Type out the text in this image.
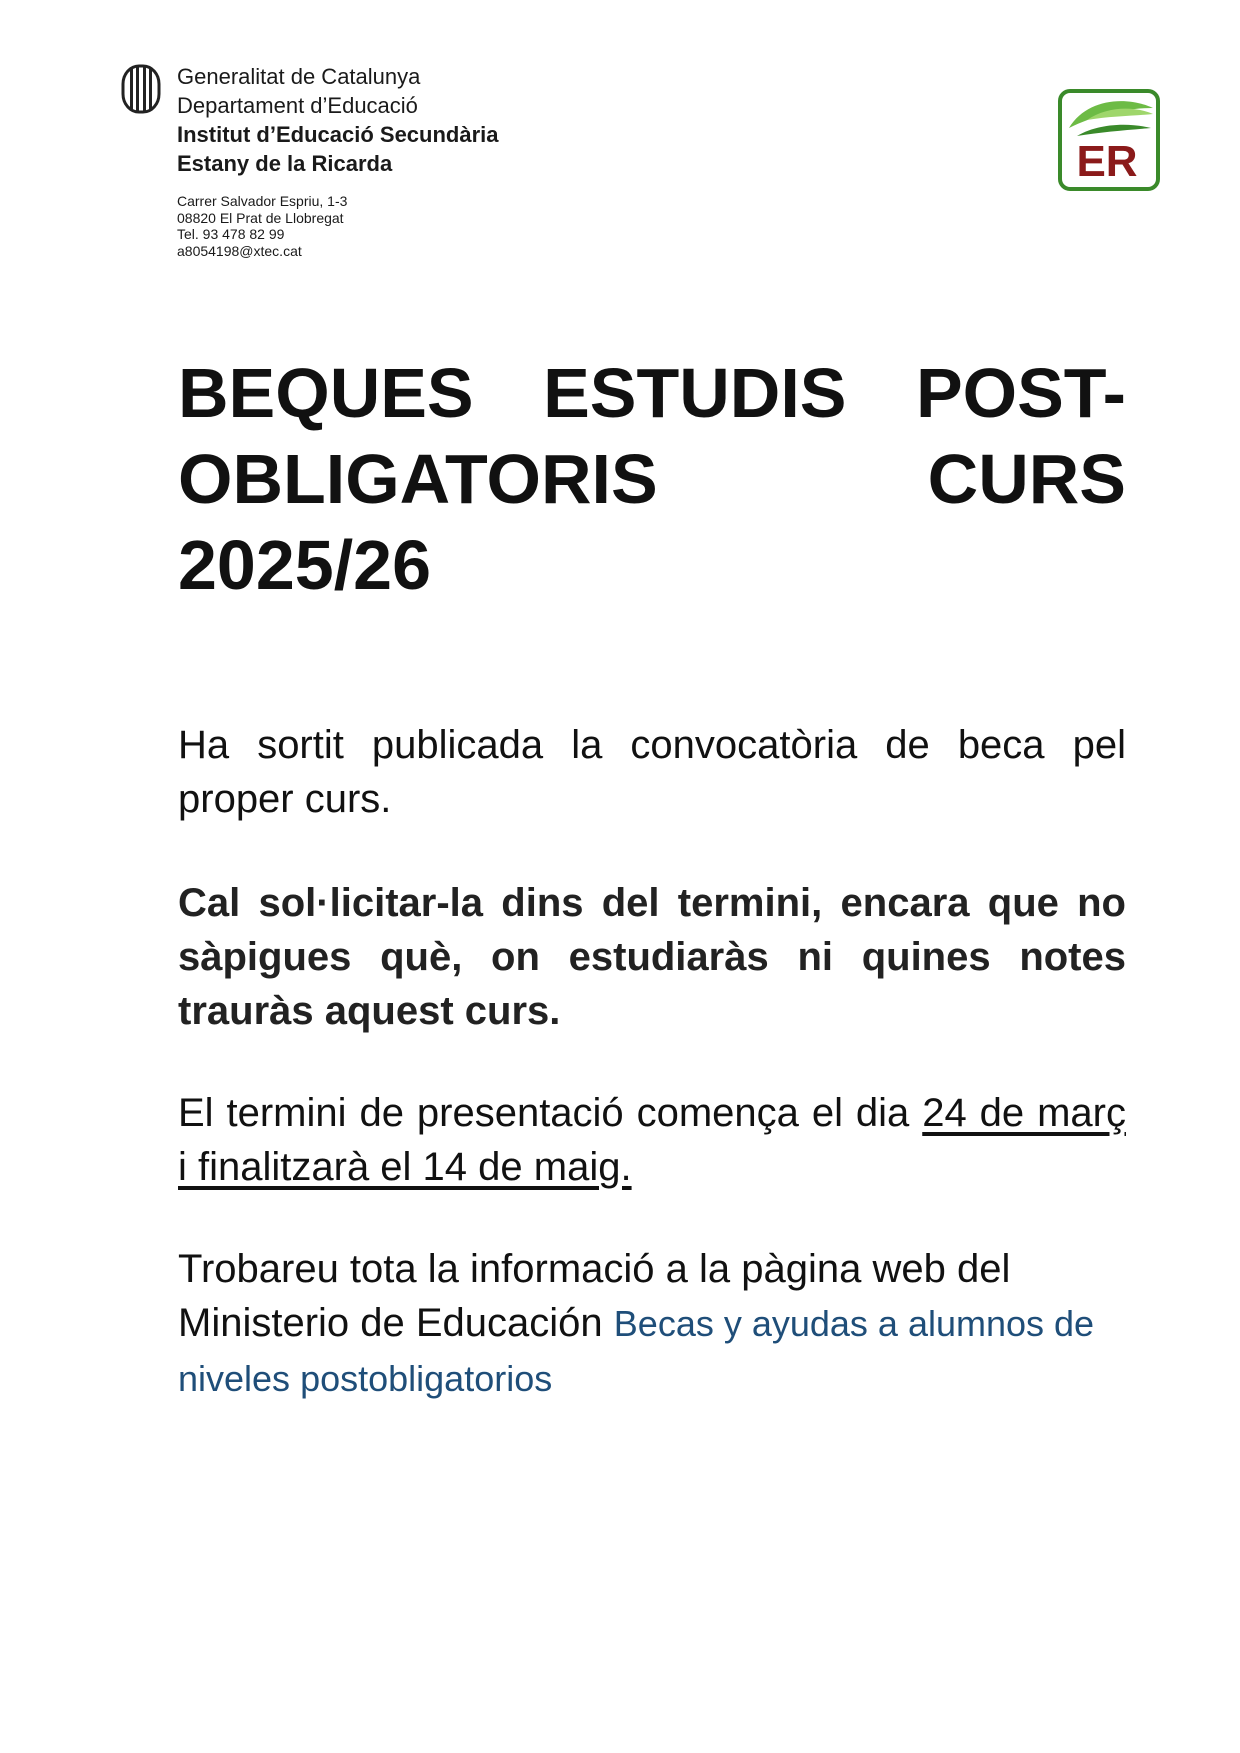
Generalitat de Catalunya
Departament d’Educació
Institut d’Educació Secundària
Estany de la Ricarda
Carrer Salvador Espriu, 1-3
08820 El Prat de Llobregat
Tel. 93 478 82 99
a8054198@xtec.cat
ER
BEQUES ESTUDIS POST-OBLIGATORIS CURS 2025/26

Ha sortit publicada la convocatòria de beca pel proper curs.

Cal sol·licitar-la dins del termini, encara que no sàpigues què, on estudiaràs ni quines notes trauràs aquest curs.

El termini de presentació comença el dia 24 de març i finalitzarà el 14 de maig.

Trobareu tota la informació a la pàgina web del Ministerio de Educación Becas y ayudas a alumnos de niveles postobligatorios
